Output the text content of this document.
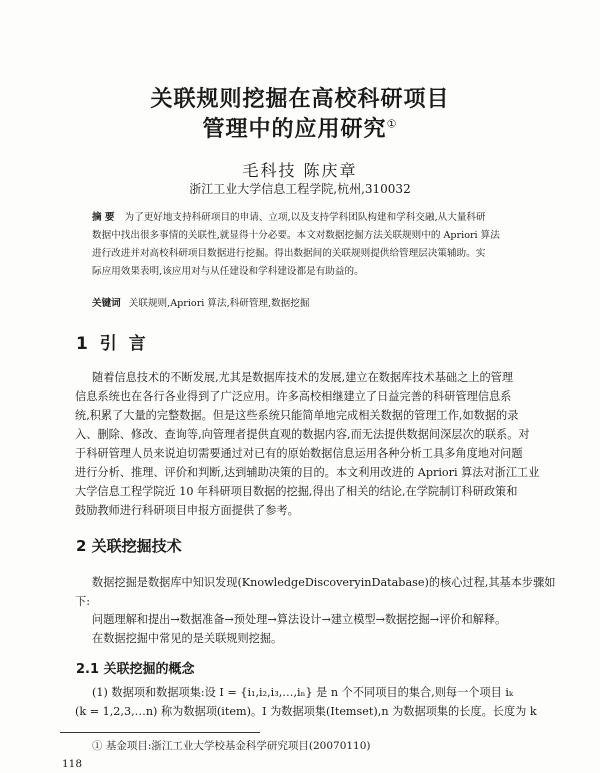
关联规则挖掘在高校科研项目
管理中的应用研究①
毛科技 陈庆章
浙江工业大学信息工程学院,杭州,310032
摘 要 为了更好地支持科研项目的申请、立项,以及支持学科团队构建和学科交融,从大量科研
数据中找出很多事情的关联性,就显得十分必要。本文对数据挖掘方法关联规则中的 Apriori 算法
进行改进并对高校科研项目数据进行挖掘。得出数据间的关联规则提供给管理层决策辅助。实
际应用效果表明,该应用对与从任建设和学科建设都是有助益的。
关键词 关联规则,Apriori 算法,科研管理,数据挖掘
1 引 言
随着信息技术的不断发展,尤其是数据库技术的发展,建立在数据库技术基础之上的管理
信息系统也在各行各业得到了广泛应用。许多高校相继建立了日益完善的科研管理信息系
统,积累了大量的完整数据。但是这些系统只能简单地完成相关数据的管理工作,如数据的录
入、删除、修改、查询等,向管理者提供直观的数据内容,而无法提供数据间深层次的联系。对
于科研管理人员来说迫切需要通过对已有的原始数据信息运用各种分析工具多角度地对问题
进行分析、推理、评价和判断,达到辅助决策的目的。本文利用改进的 Apriori 算法对浙江工业
大学信息工程学院近 10 年科研项目数据的挖掘,得出了相关的结论,在学院制订科研政策和
鼓励教师进行科研项目申报方面提供了参考。
2 关联挖掘技术
数据挖掘是数据库中知识发现(KnowledgeDiscoveryinDatabase)的核心过程,其基本步骤如
下:
问题理解和提出→数据准备→预处理→算法设计→建立模型→数据挖掘→评价和解释。
在数据挖掘中常见的是关联规则挖掘。
2.1 关联挖掘的概念
(1) 数据项和数据项集:设 I = {i₁,i₂,i₃,…,iₙ} 是 n 个不同项目的集合,则每一个项目 iₖ
(k = 1,2,3,…n) 称为数据项(item)。I 为数据项集(Itemset),n 为数据项集的长度。长度为 k
① 基金项目:浙江工业大学校基金科学研究项目(20070110)
118
